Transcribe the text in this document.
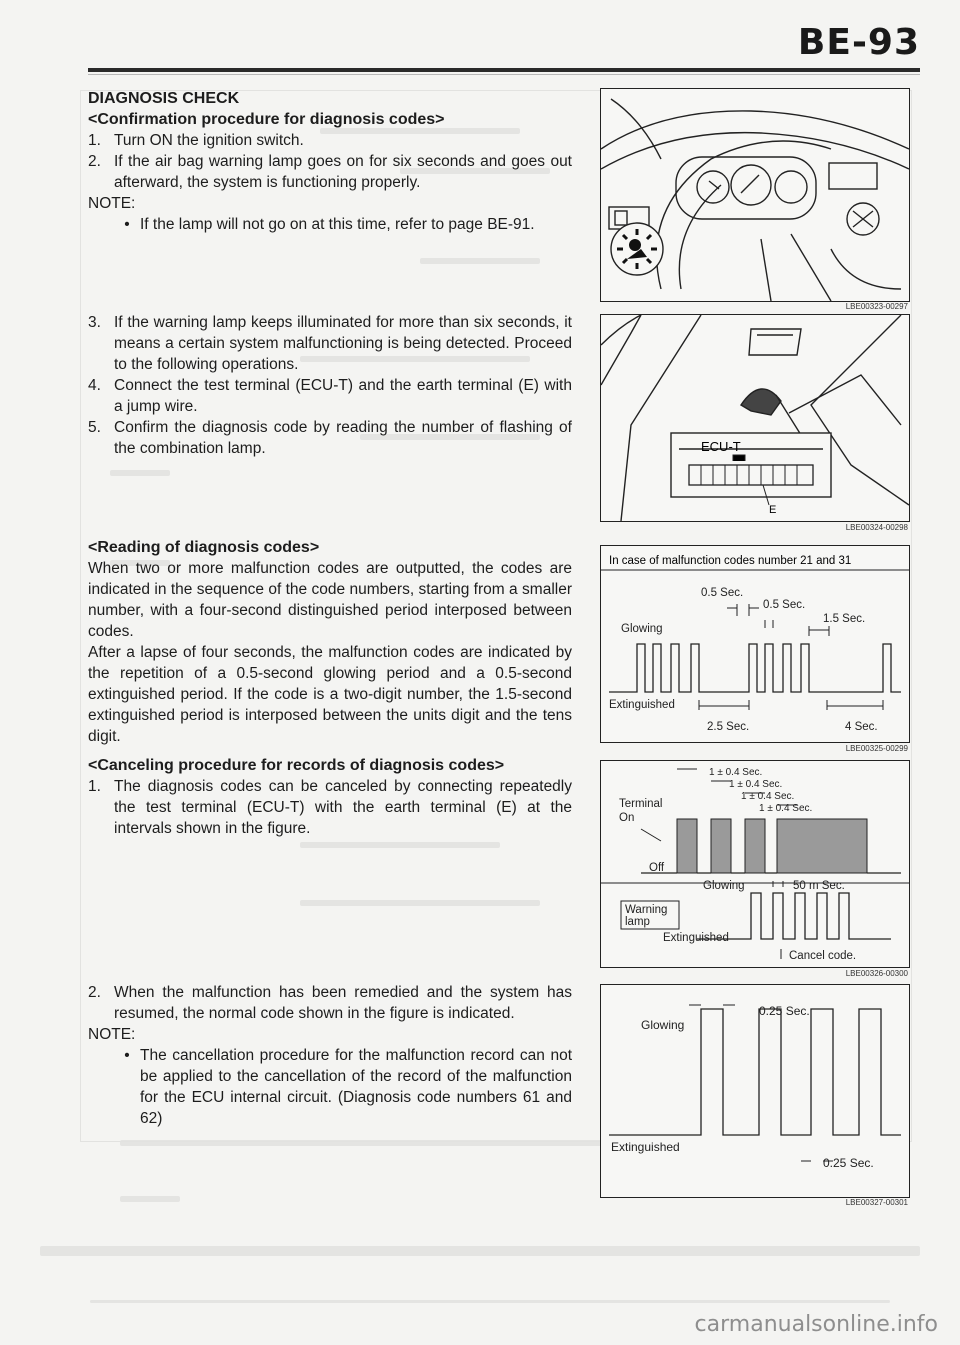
BE-93

DIAGNOSIS CHECK

<Confirmation procedure for diagnosis codes>

1. Turn ON the ignition switch.
2. If the air bag warning lamp goes on for six seconds and goes out afterward, the system is functioning properly.

NOTE:

• If the lamp will not go on at this time, refer to page BE-91.
3. If the warning lamp keeps illuminated for more than six seconds, it means a certain system malfunctioning is being detected. Proceed to the following operations.
4. Connect the test terminal (ECU-T) and the earth terminal (E) with a jump wire.
5. Confirm the diagnosis code by reading the number of flashing of the combination lamp.

<Reading of diagnosis codes>

When two or more malfunction codes are outputted, the codes are indicated in the sequence of the code numbers, starting from a smaller number, with a four-second distinguished period interposed between codes.

After a lapse of four seconds, the malfunction codes are indicated by the repetition of a 0.5-second glowing period and a 0.5-second extinguished period. If the code is a two-digit number, the 1.5-second extinguished period is interposed between the units digit and the tens digit.

<Canceling procedure for records of diagnosis codes>

1. The diagnosis codes can be canceled by connecting repeatedly the test terminal (ECU-T) with the earth terminal (E) at the intervals shown in the figure.
2. When the malfunction has been remedied and the system has resumed, the normal code shown in the figure is indicated.

NOTE:

• The cancellation procedure for the malfunction record can not be applied to the cancellation of the record of the malfunction for the ECU internal circuit. (Diagnosis code numbers 61 and 62)
LBE00323-00297
ECU-T
E
LBE00324-00298
In case of malfunction codes number 21 and 31
0.5 Sec.
0.5 Sec.
1.5 Sec.
Glowing
Extinguished
2.5 Sec.	4 Sec.
LBE00325-00299
1 ± 0.4 Sec.
1 ± 0.4 Sec.
1 ± 0.4 Sec.
1 ± 0.4 Sec.
Terminal
On
Off
Glowing	50 m Sec.
Warning
lamp
Extinguished
Cancel code.
LBE00326-00300
0.25 Sec.
Glowing
Extinguished
0.25 Sec.
LBE00327-00301
carmanualsonline.info
